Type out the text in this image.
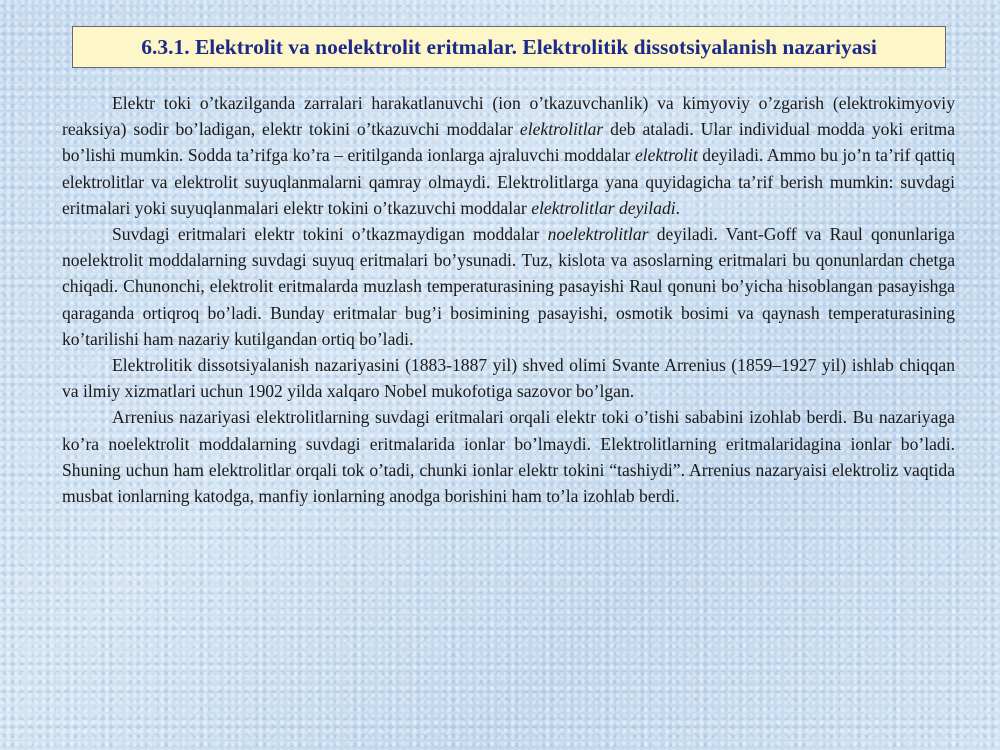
6.3.1. Elektrolit va noelektrolit eritmalar. Elektrolitik dissotsiyalanish nazariyasi

Elektr toki o’tkazilganda zarralari harakatlanuvchi (ion o’tkazuvchanlik) va kimyoviy o’zgarish (elektrokimyoviy reaksiya) sodir bo’ladigan, elektr tokini o’tkazuvchi moddalar elektrolitlar deb ataladi. Ular individual modda yoki eritma bo’lishi mumkin. Sodda ta’rifga ko’ra – eritilganda ionlarga ajraluvchi moddalar elektrolit deyiladi. Ammo bu jo’n ta’rif qattiq elektrolitlar va elektrolit suyuqlanmalarni qamray olmaydi. Elektrolitlarga yana quyidagicha ta’rif berish mumkin: suvdagi eritmalari yoki suyuqlanmalari elektr tokini o’tkazuvchi moddalar elektrolitlar deyiladi.

Suvdagi eritmalari elektr tokini o’tkazmaydigan moddalar noelektrolitlar deyiladi. Vant-Goff va Raul qonunlariga noelektrolit moddalarning suvdagi suyuq eritmalari bo’ysunadi. Tuz, kislota va asoslarning eritmalari bu qonunlardan chetga chiqadi. Chunonchi, elektrolit eritmalarda muzlash temperaturasining pasayishi Raul qonuni bo’yicha hisoblangan pasayishga qaraganda ortiqroq bo’ladi. Bunday eritmalar bug’i bosimining pasayishi, osmotik bosimi va qaynash temperaturasining ko’tarilishi ham nazariy kutilgandan ortiq bo’ladi.

Elektrolitik dissotsiyalanish nazariyasini (1883-1887 yil) shved olimi Svante Arrenius (1859–1927 yil) ishlab chiqqan va ilmiy xizmatlari uchun 1902 yilda xalqaro Nobel mukofotiga sazovor bo’lgan.

Arrenius nazariyasi elektrolitlarning suvdagi eritmalari orqali elektr toki o’tishi sababini izohlab berdi. Bu nazariyaga ko’ra noelektrolit moddalarning suvdagi eritmalarida ionlar bo’lmaydi. Elektrolitlarning eritmalaridagina ionlar bo’ladi. Shuning uchun ham elektrolitlar orqali tok o’tadi, chunki ionlar elektr tokini “tashiydi”. Arrenius nazaryaisi elektroliz vaqtida musbat ionlarning katodga, manfiy ionlarning anodga borishini ham to’la izohlab berdi.
